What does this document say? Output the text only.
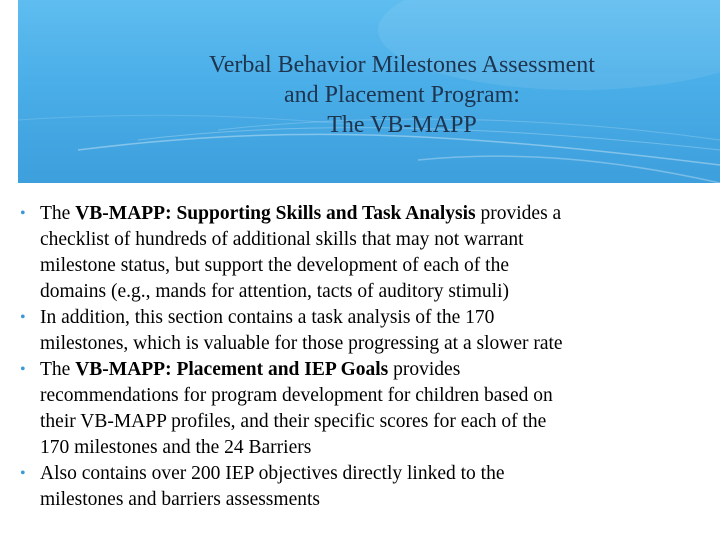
Verbal Behavior Milestones Assessment
and Placement Program:
The VB-MAPP
• The VB-MAPP: Supporting Skills and Task Analysis provides a
checklist of hundreds of additional skills that may not warrant
milestone status, but support the development of each of the
domains (e.g., mands for attention, tacts of auditory stimuli)
• In addition, this section contains a task analysis of the 170
milestones, which is valuable for those progressing at a slower rate
• The VB-MAPP: Placement and IEP Goals provides
recommendations for program development for children based on
their VB-MAPP profiles, and their specific scores for each of the
170 milestones and the 24 Barriers
• Also contains over 200 IEP objectives directly linked to the
milestones and barriers assessments
